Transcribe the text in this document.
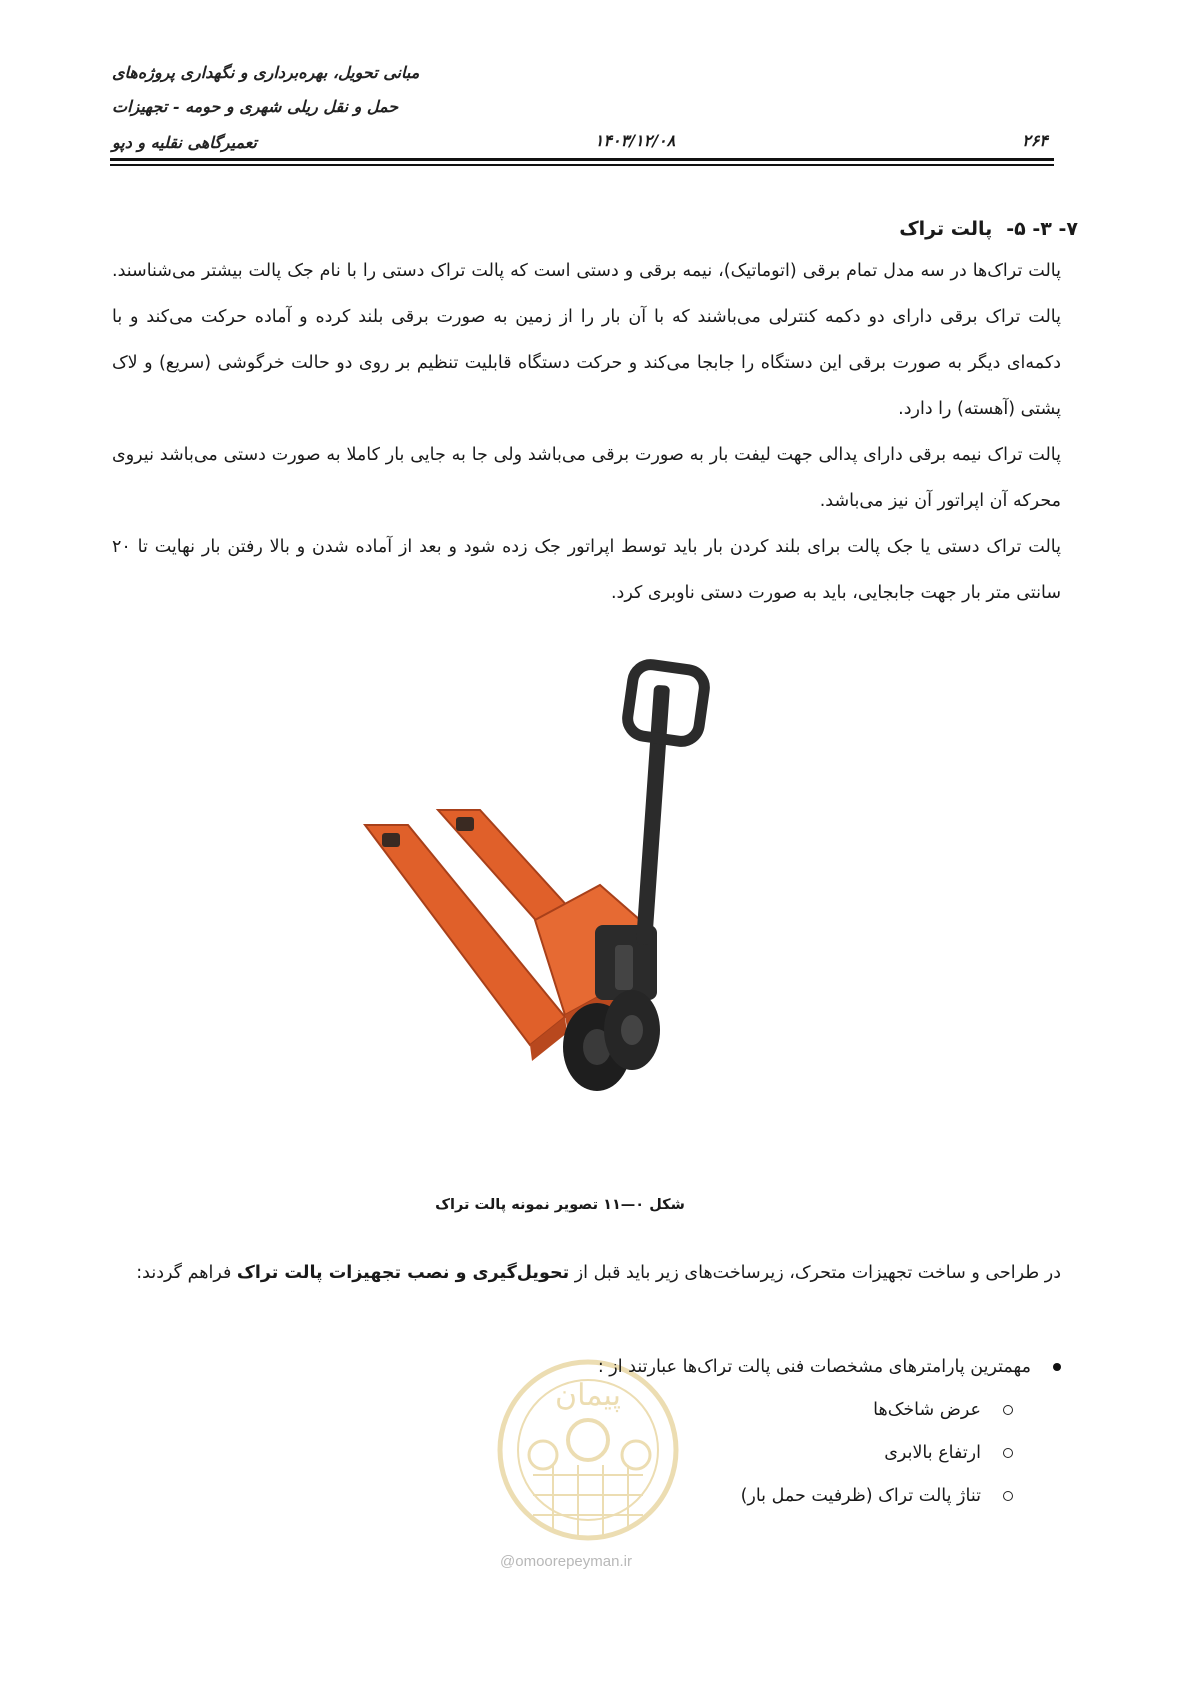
مبانی تحویل، بهره‌برداری و نگهداری پروژه‌های
حمل و نقل ریلی شهری و حومه - تجهیزات
تعمیرگاهی نقلیه و دپو	۱۴۰۳/۱۲/۰۸	۲۶۴
۷- ۳- ۵-پالت تراک
پالت تراک‌ها در سه مدل تمام برقی (اتوماتیک)، نیمه برقی و دستی است که پالت تراک دستی را با نام جک پالت بیشتر می‌شناسند. پالت تراک برقی دارای دو دکمه کنترلی می‌باشند که با آن بار را از زمین به صورت برقی بلند کرده و آماده حرکت می‌کند و با دکمه‌ای دیگر به صورت برقی این دستگاه را جابجا می‌کند و حرکت دستگاه قابلیت تنظیم بر روی دو حالت خرگوشی (سریع) و لاک پشتی (آهسته) را دارد.
پالت تراک نیمه برقی دارای پدالی جهت لیفت بار به صورت برقی می‌باشد ولی جا به جایی بار کاملا به صورت دستی می‌باشد نیروی محرکه آن اپراتور آن نیز می‌باشد.
پالت تراک دستی یا جک پالت برای بلند کردن بار باید توسط اپراتور جک زده شود و بعد از آماده شدن و بالا رفتن بار نهایت تا ۲۰ سانتی متر بار جهت جابجایی، باید به صورت دستی ناوبری کرد.
شکل ۰—۱۱ تصویر نمونه پالت تراک
در طراحی و ساخت تجهیزات متحرک، زیرساخت‌های زیر باید قبل از تحویل‌گیری و نصب تجهیزات پالت تراک فراهم گردند:
پیمان
@omoorepeyman.ir
مهمترین پارامترهای مشخصات فنی پالت تراک‌ها عبارتند از :
عرض شاخک‌ها
ارتفاع بالابری
تناژ پالت تراک (ظرفیت حمل بار)
